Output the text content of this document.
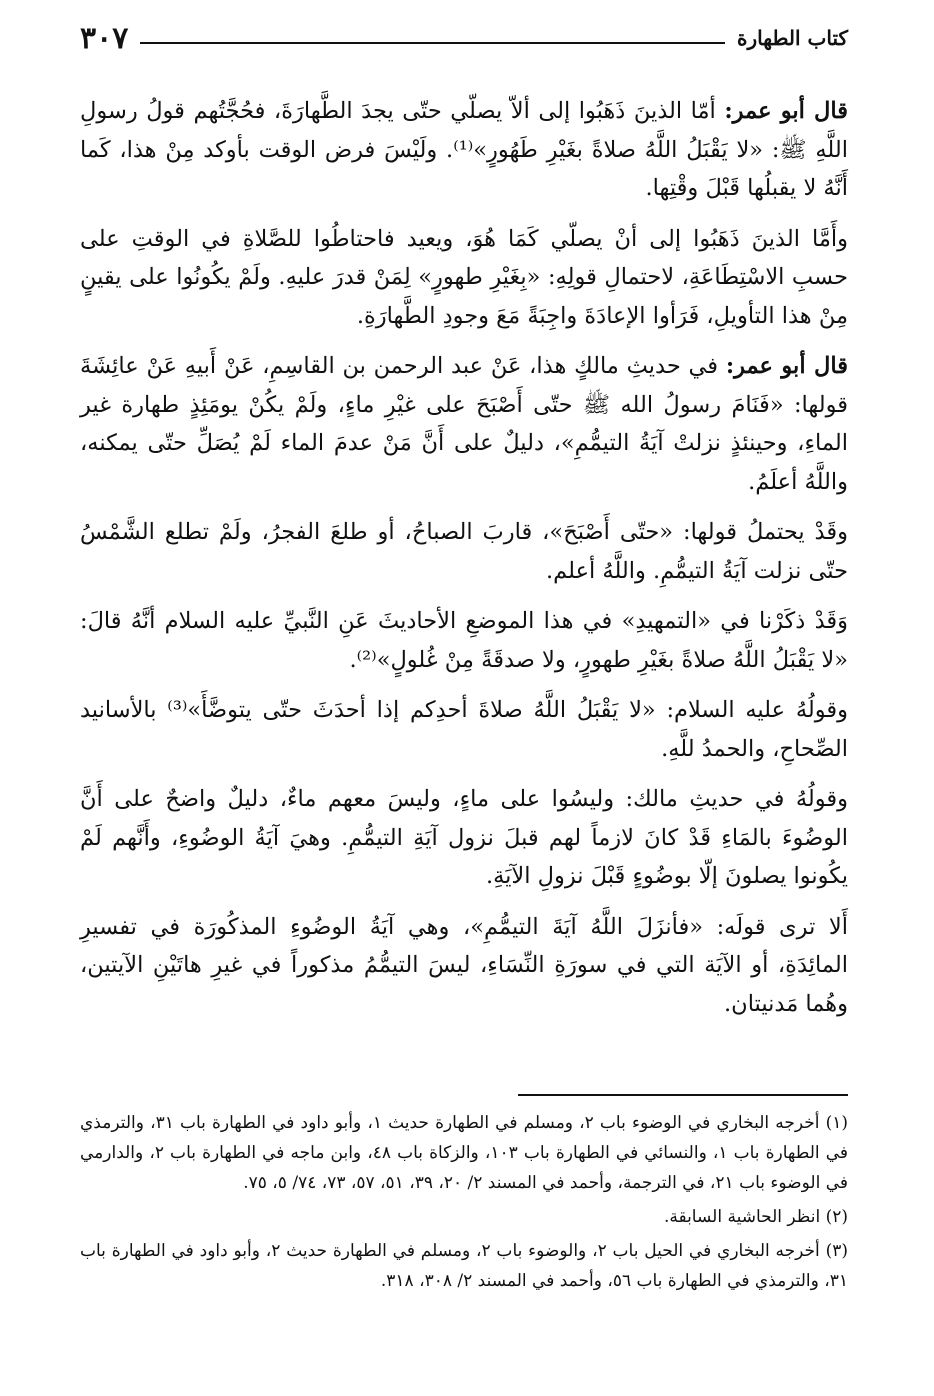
كتاب الطهارة
٣٠٧

قال أبو عمر: أمّا الذينَ ذَهَبُوا إلى ألاّ يصلّي حتّى يجدَ الطَّهارَةَ، فحُجَّتُهم قولُ رسولِ اللَّهِ ﷺ: «لا يَقْبَلُ اللَّهُ صلاةً بغَيْرِ طَهُورٍ»⁽¹⁾. ولَيْسَ فرض الوقت بأوكد مِنْ هذا، كَما أَنَّهُ لا يقبلُها قَبْلَ وقْتِها.

وأَمَّا الذينَ ذَهَبُوا إلى أنْ يصلّي كَمَا هُوَ، ويعيد فاحتاطُوا للصَّلاةِ في الوقتِ على حسبِ الاسْتِطَاعَةِ، لاحتمالِ قولِهِ: «بِغَيْرِ طهورٍ» لِمَنْ قدرَ عليهِ. ولَمْ يكُونُوا على يقينٍ مِنْ هذا التأويلِ، فَرَأوا الإعادَةَ واجِبَةً مَعَ وجودِ الطَّهارَةِ.

قال أبو عمر: في حديثِ مالكٍ هذا، عَنْ عبد الرحمن بن القاسِمِ، عَنْ أَبيهِ عَنْ عائِشَةَ قولها: «فَنَامَ رسولُ الله ﷺ حتّى أَصْبَحَ على غيْرِ ماءٍ، ولَمْ يكُنْ يومَئِذٍ طهارة غير الماءِ، وحينئذٍ نزلتْ آيَةُ التيمُّمِ»، دليلٌ على أَنَّ مَنْ عدمَ الماء لَمْ يُصَلِّ حتّى يمكنه، واللَّهُ أعلَمُ.

وقَدْ يحتملُ قولها: «حتّى أَصْبَحَ»، قاربَ الصباحُ، أو طلعَ الفجرُ، ولَمْ تطلع الشَّمْسُ حتّى نزلت آيَةُ التيمُّمِ. واللَّهُ أعلم.

وَقَدْ ذكَرْنا في «التمهيدِ» في هذا الموضعِ الأحاديثَ عَنِ النَّبيِّ عليه السلام أنَّهُ قالَ: «لا يَقْبَلُ اللَّهُ صلاةً بغَيْرِ طهورٍ، ولا صدقَةً مِنْ غُلولٍ»⁽²⁾.

وقولُهُ عليه السلام: «لا يَقْبَلُ اللَّهُ صلاةَ أحدِكم إذا أحدَثَ حتّى يتوضَّأَ»⁽³⁾ بالأسانيد الصِّحاحِ، والحمدُ للَّهِ.

وقولُهُ في حديثِ مالك: وليسُوا على ماءٍ، وليسَ معهم ماءٌ، دليلٌ واضحٌ على أَنَّ الوضُوءَ بالمَاءِ قَدْ كانَ لازماً لهم قبلَ نزول آيَةِ التيمُّمِ. وهيَ آيَةُ الوضُوءِ، وأَنَّهم لَمْ يكُونوا يصلونَ إلّا بوضُوءٍ قَبْلَ نزولِ الآيَةِ.

أَلا ترى قولَه: «فأنزَلَ اللَّهُ آيَةَ التيمُّمِ»، وهي آيَةُ الوضُوءِ المذكُورَة في تفسيرِ المائِدَةِ، أو الآيَة التي في سورَةِ النِّسَاءِ، ليسَ التيمُّمُ مذكوراً في غيرِ هاتَيْنِ الآيتين، وهُما مَدنيتان.

(١) أخرجه البخاري في الوضوء باب ٢، ومسلم في الطهارة حديث ١، وأبو داود في الطهارة باب ٣١، والترمذي في الطهارة باب ١، والنسائي في الطهارة باب ١٠٣، والزكاة باب ٤٨، وابن ماجه في الطهارة باب ٢، والدارمي في الوضوء باب ٢١، في الترجمة، وأحمد في المسند ٢/ ٢٠، ٣٩، ٥١، ٥٧، ٧٣، ٧٤/ ٥، ٧٥.

(٢) انظر الحاشية السابقة.

(٣) أخرجه البخاري في الحيل باب ٢، والوضوء باب ٢، ومسلم في الطهارة حديث ٢، وأبو داود في الطهارة باب ٣١، والترمذي في الطهارة باب ٥٦، وأحمد في المسند ٢/ ٣٠٨، ٣١٨.
